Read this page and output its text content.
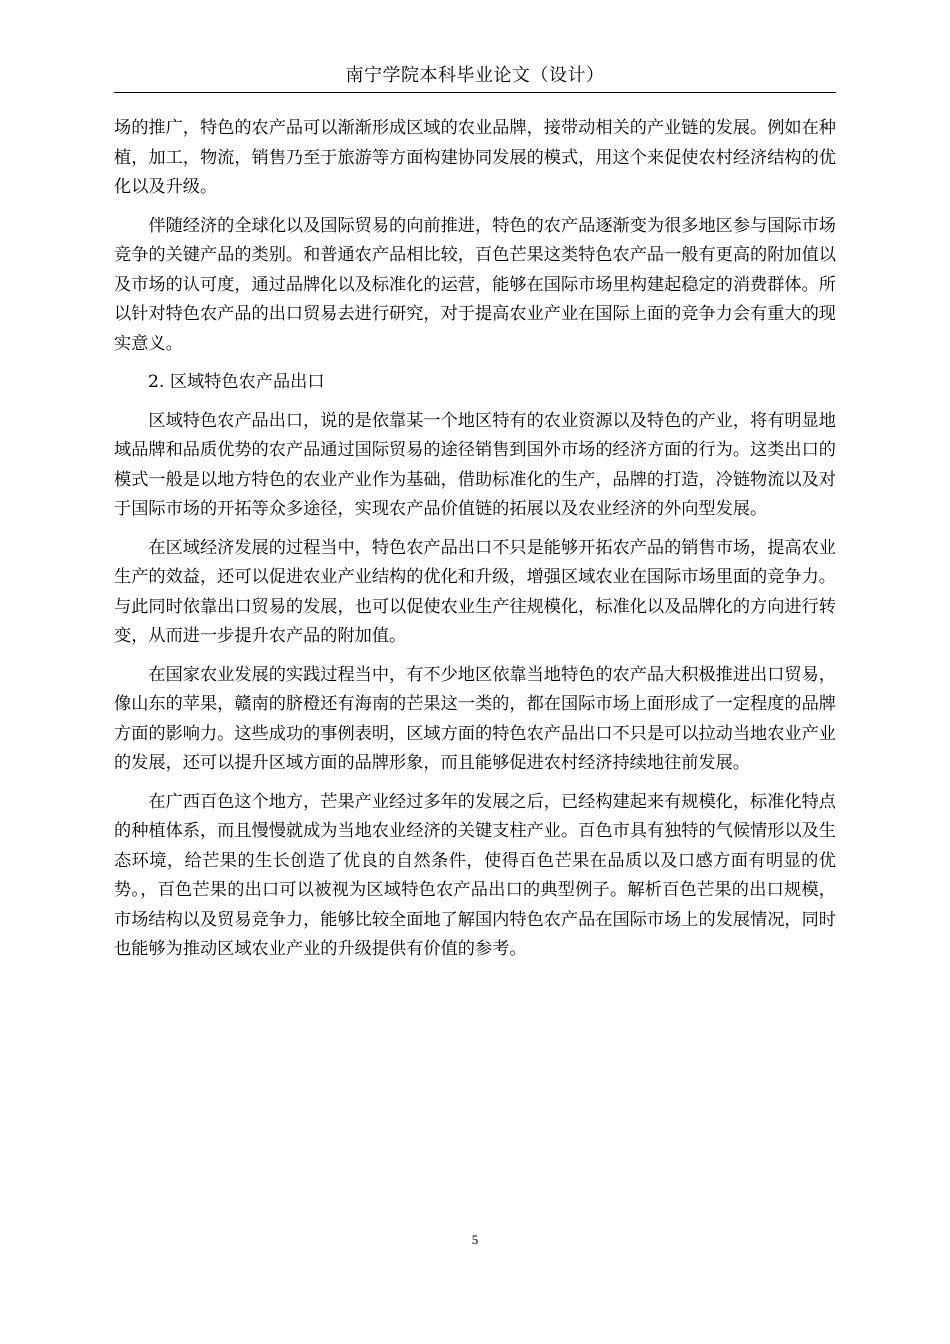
南宁学院本科毕业论文（设计）

场的推广，特色的农产品可以渐渐形成区域的农业品牌，接带动相关的产业链的发展。例如在种植，加工，物流，销售乃至于旅游等方面构建协同发展的模式，用这个来促使农村经济结构的优化以及升级。

伴随经济的全球化以及国际贸易的向前推进，特色的农产品逐渐变为很多地区参与国际市场竞争的关键产品的类别。和普通农产品相比较，百色芒果这类特色农产品一般有更高的附加值以及市场的认可度，通过品牌化以及标准化的运营，能够在国际市场里构建起稳定的消费群体。所以针对特色农产品的出口贸易去进行研究，对于提高农业产业在国际上面的竞争力会有重大的现实意义。

2. 区域特色农产品出口

区域特色农产品出口，说的是依靠某一个地区特有的农业资源以及特色的产业，将有明显地域品牌和品质优势的农产品通过国际贸易的途径销售到国外市场的经济方面的行为。这类出口的模式一般是以地方特色的农业产业作为基础，借助标准化的生产，品牌的打造，冷链物流以及对于国际市场的开拓等众多途径，实现农产品价值链的拓展以及农业经济的外向型发展。

在区域经济发展的过程当中，特色农产品出口不只是能够开拓农产品的销售市场，提高农业生产的效益，还可以促进农业产业结构的优化和升级，增强区域农业在国际市场里面的竞争力。与此同时依靠出口贸易的发展，也可以促使农业生产往规模化，标准化以及品牌化的方向进行转变，从而进一步提升农产品的附加值。

在国家农业发展的实践过程当中，有不少地区依靠当地特色的农产品大积极推进出口贸易，像山东的苹果，赣南的脐橙还有海南的芒果这一类的，都在国际市场上面形成了一定程度的品牌方面的影响力。这些成功的事例表明，区域方面的特色农产品出口不只是可以拉动当地农业产业的发展，还可以提升区域方面的品牌形象，而且能够促进农村经济持续地往前发展。

在广西百色这个地方，芒果产业经过多年的发展之后，已经构建起来有规模化，标准化特点的种植体系，而且慢慢就成为当地农业经济的关键支柱产业。百色市具有独特的气候情形以及生态环境，给芒果的生长创造了优良的自然条件，使得百色芒果在品质以及口感方面有明显的优势。，百色芒果的出口可以被视为区域特色农产品出口的典型例子。解析百色芒果的出口规模，市场结构以及贸易竞争力，能够比较全面地了解国内特色农产品在国际市场上的发展情况，同时也能够为推动区域农业产业的升级提供有价值的参考。

5
